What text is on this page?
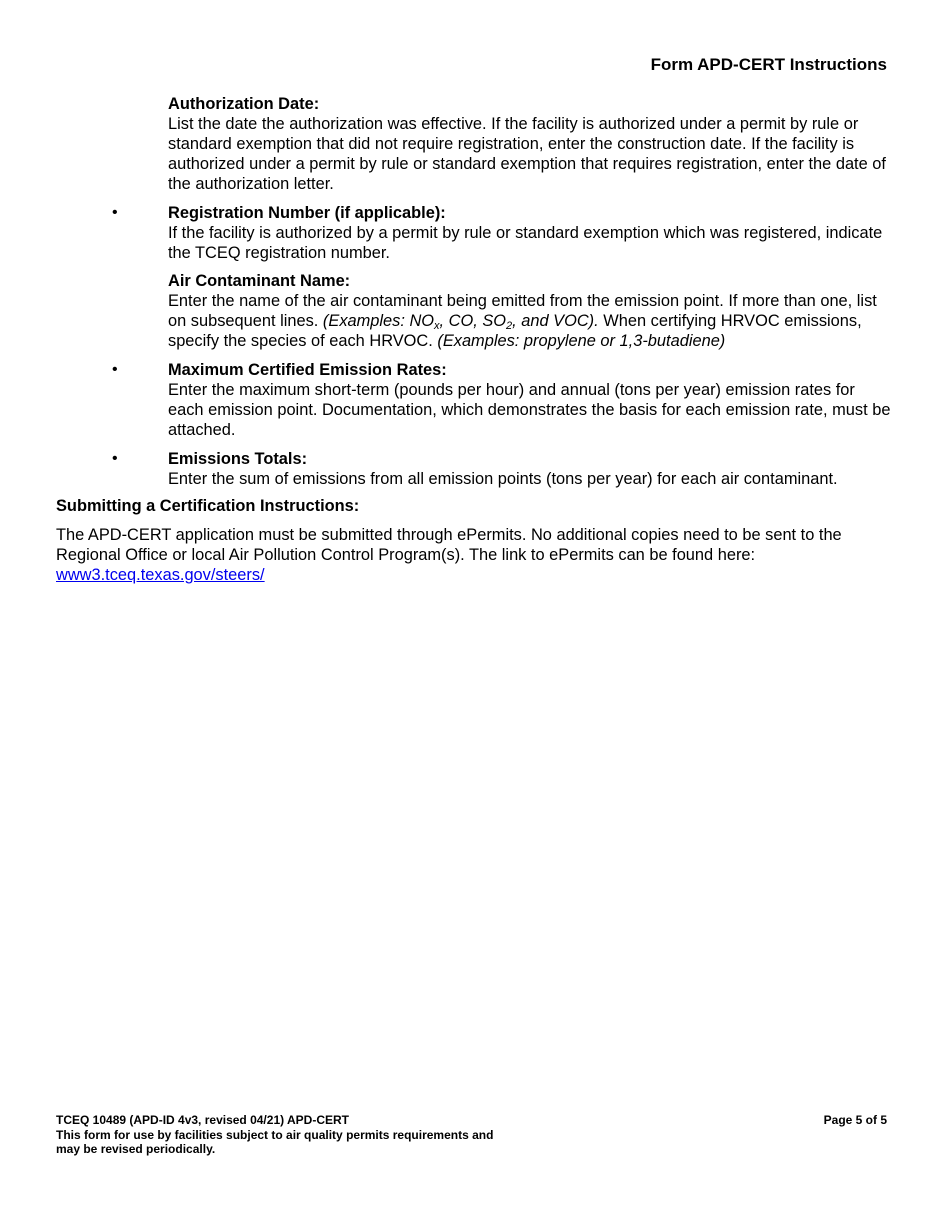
Form APD-CERT Instructions
Authorization Date:
List the date the authorization was effective. If the facility is authorized under a permit by rule or standard exemption that did not require registration, enter the construction date. If the facility is authorized under a permit by rule or standard exemption that requires registration, enter the date of the authorization letter.
•	Registration Number (if applicable):
If the facility is authorized by a permit by rule or standard exemption which was registered, indicate the TCEQ registration number.
Air Contaminant Name:
Enter the name of the air contaminant being emitted from the emission point. If more than one, list on subsequent lines. (Examples: $NO_x$, CO, $SO_2$, and VOC). When certifying HRVOC emissions, specify the species of each HRVOC. (Examples: propylene or 1,3-butadiene)
•	Maximum Certified Emission Rates:
Enter the maximum short-term (pounds per hour) and annual (tons per year) emission rates for each emission point. Documentation, which demonstrates the basis for each emission rate, must be attached.
•	Emissions Totals:
Enter the sum of emissions from all emission points (tons per year) for each air contaminant.
Submitting a Certification Instructions:
The APD-CERT application must be submitted through ePermits. No additional copies need to be sent to the Regional Office or local Air Pollution Control Program(s). The link to ePermits can be found here:
www3.tceq.texas.gov/steers/
TCEQ 10489 (APD-ID 4v3, revised 04/21) APD-CERT
This form for use by facilities subject to air quality permits requirements and
may be revised periodically.
Page 5 of 5
